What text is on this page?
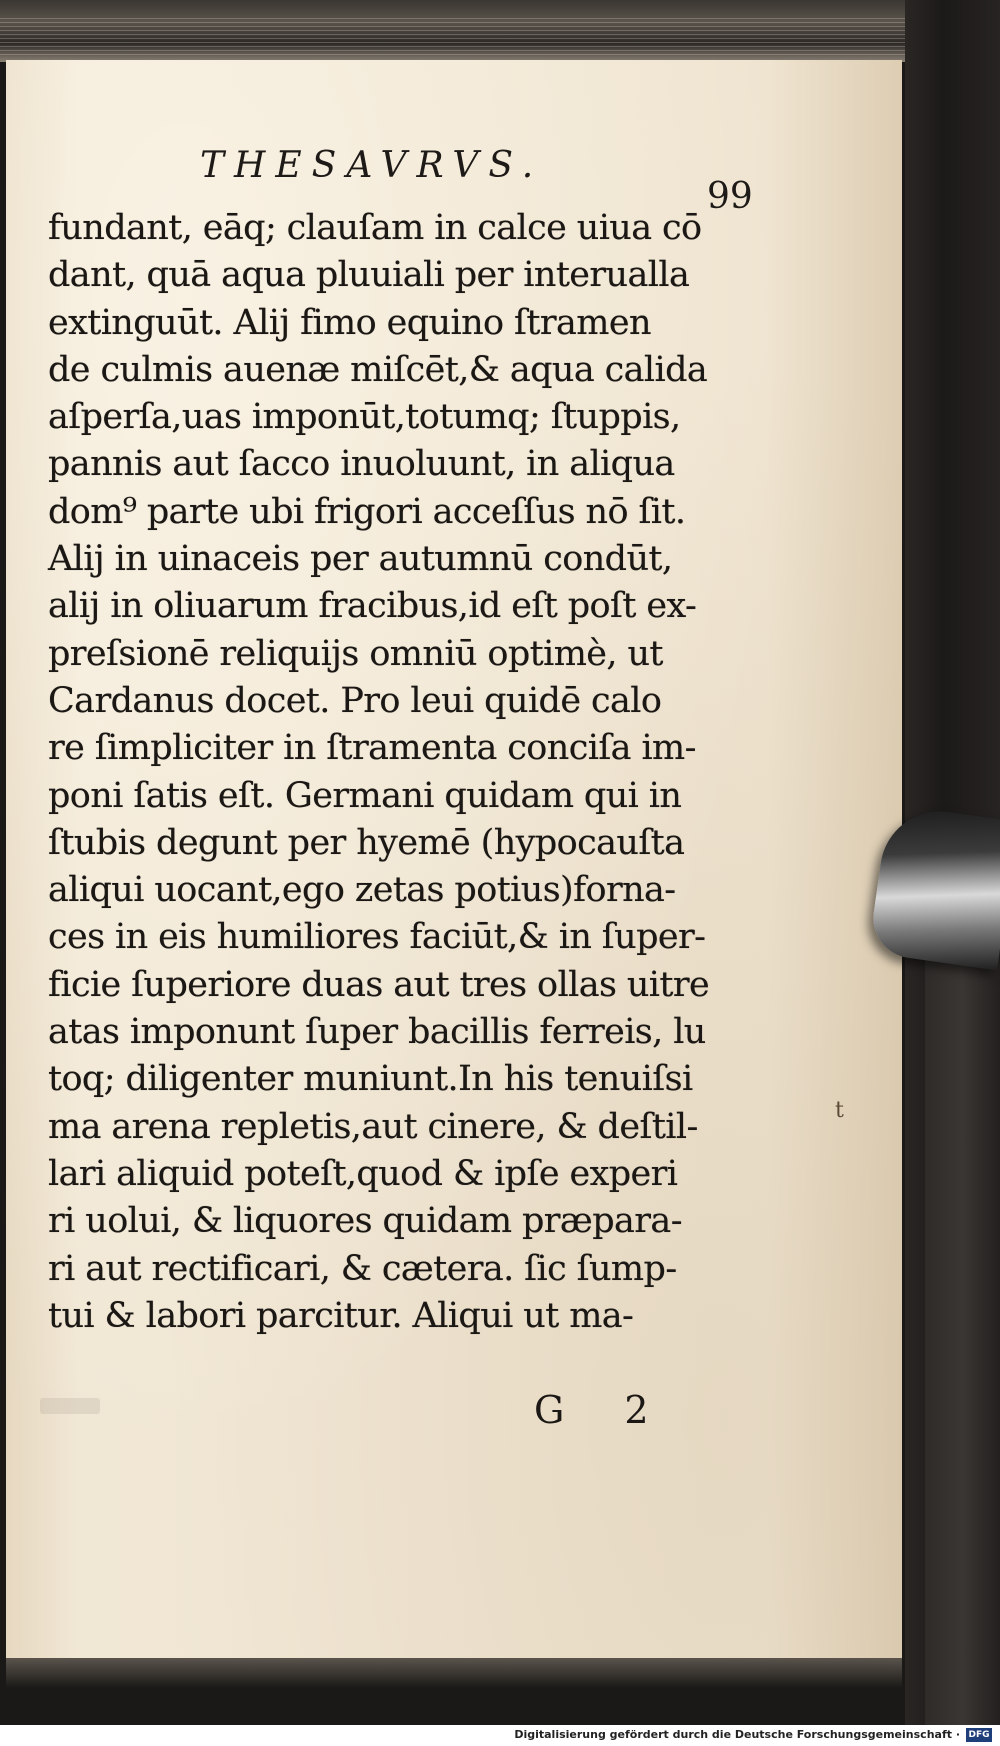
THESAVRVS.
99
fundant, eāq; clauſam in calce uiua cō
dant, quā aqua pluuiali per interualla
extinguūt. Alij fimo equino ſtramen
de culmis auenæ miſcēt,& aqua calida
aſperſa,uas imponūt,totumq; ſtuppis,
pannis aut ſacco inuoluunt, in aliqua
dom⁹ parte ubi frigori acceſſus nō ſit.
Alij in uinaceis per autumnū condūt,
alij in oliuarum fracibus,id eſt poſt ex-
preſsionē reliquijs omniū optimè, ut
Cardanus docet. Pro leui quidē calo
re ſimpliciter in ſtramenta conciſa im-
poni ſatis eſt. Germani quidam qui in
ſtubis degunt per hyemē (hypocauſta
aliqui uocant,ego zetas potius)forna-
ces in eis humiliores faciūt,& in ſuper-
ficie ſuperiore duas aut tres ollas uitre
atas imponunt ſuper bacillis ferreis, lu
toq; diligenter muniunt.In his tenuiſsi
ma arena repletis,aut cinere, & deſtil-
lari aliquid poteſt,quod & ipſe experi
ri uolui, & liquores quidam præpara-
ri aut rectificari, & cætera. ſic ſump-
tui & labori parcitur. Aliqui ut ma-
t
G 2
Digitalisierung gefördert durch die Deutsche Forschungsgemeinschaft · DFG
